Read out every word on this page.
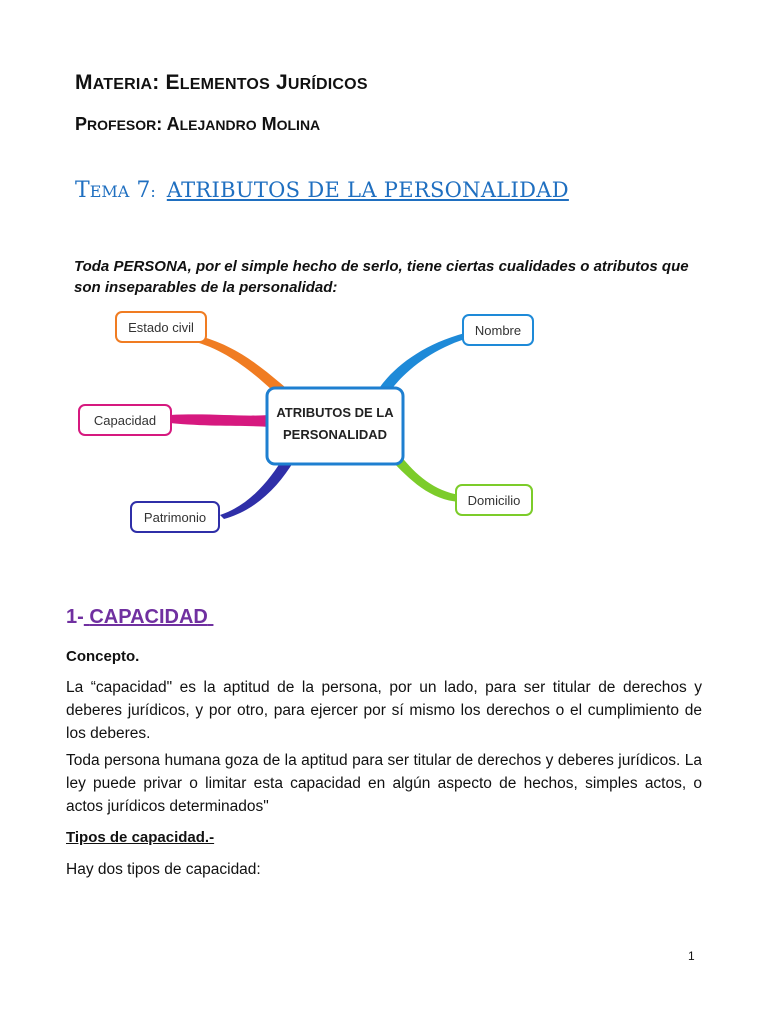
MATERIA: ELEMENTOS JURÍDICOS
PROFESOR: ALEJANDRO MOLINA
TEMA 7: ATRIBUTOS DE LA PERSONALIDAD
Toda PERSONA, por el simple hecho de serlo, tiene ciertas cualidades o atributos que son inseparables de la personalidad:
ATRIBUTOS DE LA
PERSONALIDAD
Estado civil
Capacidad
Patrimonio
Nombre
Domicilio
1- CAPACIDAD
Concepto.
La “capacidad" es la aptitud de la persona, por un lado, para ser titular de derechos y deberes jurídicos, y por otro, para ejercer por sí mismo los derechos o el cumplimiento de los deberes.
Toda persona humana goza de la aptitud para ser titular de derechos y deberes jurídicos. La ley puede privar o limitar esta capacidad en algún aspecto de hechos, simples actos, o actos jurídicos determinados"
Tipos de capacidad.-
Hay dos tipos de capacidad:
1
